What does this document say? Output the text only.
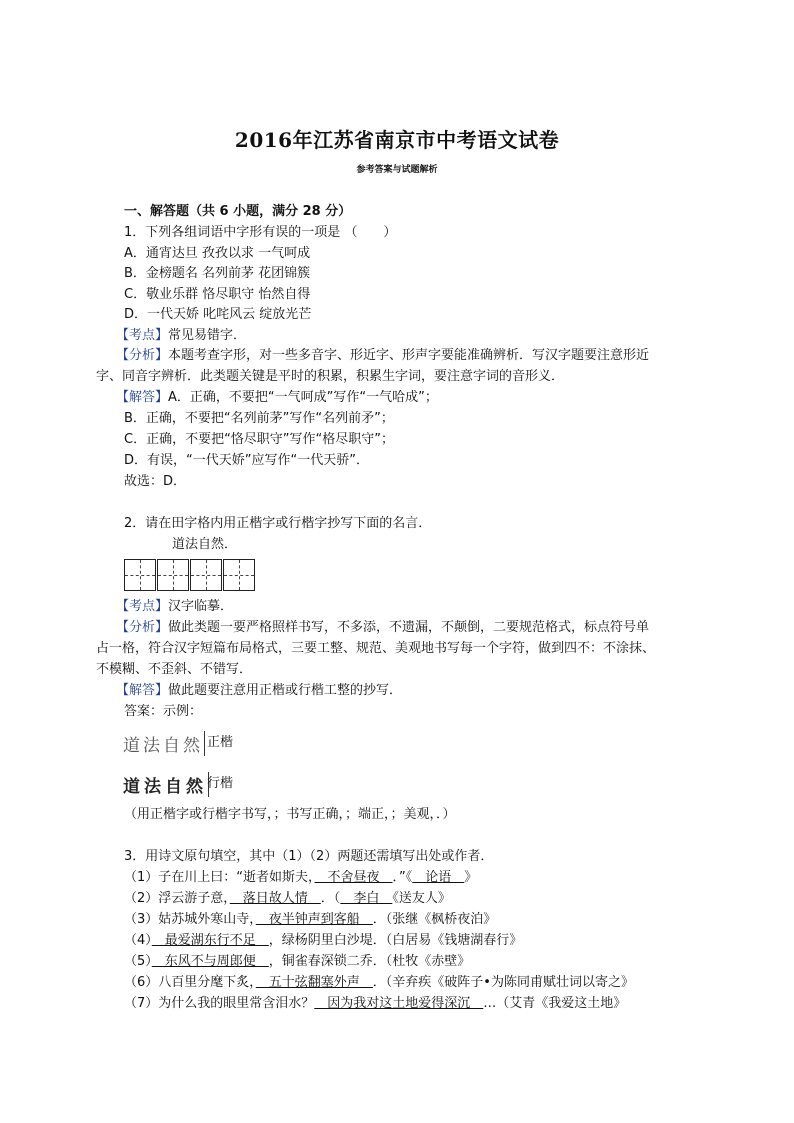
2016年江苏省南京市中考语文试卷
参考答案与试题解析
一、解答题（共 6 小题，满分 28 分）
1．下列各组词语中字形有误的一项是 （　　）
A．通宵达旦 孜孜以求 一气呵成
B．金榜题名 名列前茅 花团锦簇
C．敬业乐群 恪尽职守 怡然自得
D．一代天娇 叱咤风云 绽放光芒
【考点】常见易错字．
【分析】本题考查字形，对一些多音字、形近字、形声字要能准确辨析．写汉字题要注意形近
字、同音字辨析．此类题关键是平时的积累，积累生字词，要注意字词的音形义．
【解答】A．正确，不要把“一气呵成”写作“一气哈成”；
B．正确，不要把“名列前茅”写作“名列前矛”；
C．正确，不要把“恪尽职守”写作“格尽职守”；
D．有误，“一代天娇”应写作“一代天骄”．
故选：D．
2．请在田字格内用正楷字或行楷字抄写下面的名言．
道法自然．
【考点】汉字临摹．
【分析】做此类题一要严格照样书写，不多添，不遗漏，不颠倒，二要规范格式，标点符号单
占一格，符合汉字短篇布局格式，三要工整、规范、美观地书写每一个字符，做到四不：不涂抹、
不模糊、不歪斜、不错写．
【解答】做此题要注意用正楷或行楷工整的抄写．
答案：示例：
道法自然 正楷
道法自然 行楷
（用正楷字或行楷字书写，；书写正确，；端正，；美观，．）
3．用诗文原句填空，其中（1）（2）两题还需填写出处或作者．
（1）子在川上曰：“逝者如斯夫，　不舍昼夜　．”《　论语　》
（2）浮云游子意，　落日故人情　．（　李白　《送友人》
（3）姑苏城外寒山寺，　夜半钟声到客船　．（张继《枫桥夜泊》
（4）　最爱湖东行不足　，绿杨阴里白沙堤．（白居易《钱塘湖春行》
（5）　东风不与周郎便　，铜雀春深锁二乔．（杜牧《赤壁》
（6）八百里分麾下炙，　五十弦翻塞外声　．（辛弃疾《破阵子•为陈同甫赋壮词以寄之》
（7）为什么我的眼里常含泪水？　因为我对这土地爱得深沉　…（艾青《我爱这土地》
